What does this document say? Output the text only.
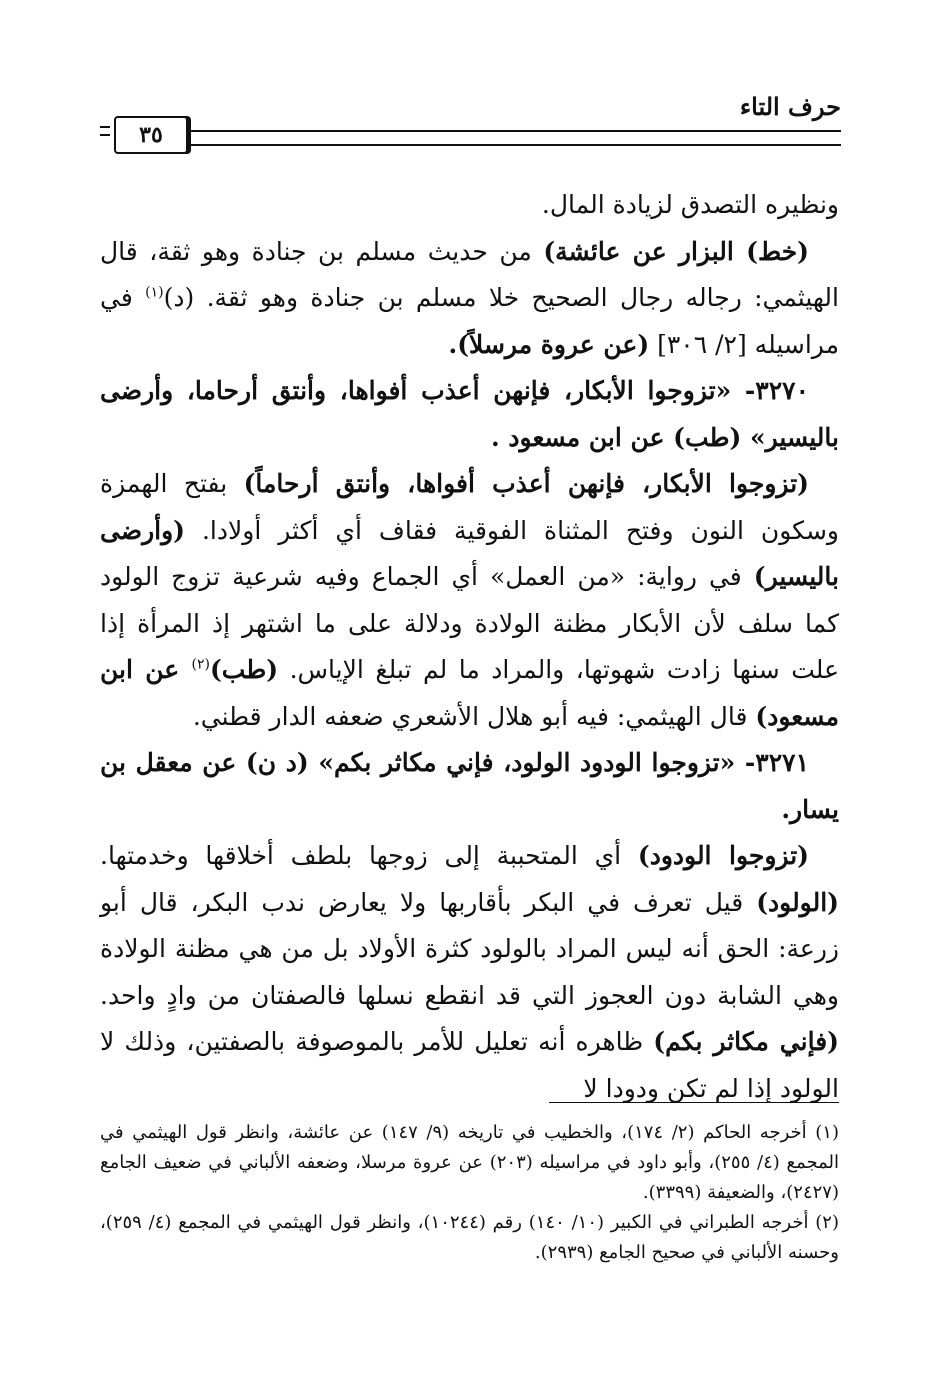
حرف التاء
٣٥

ونظيره التصدق لزيادة المال.

(خط) البزار عن عائشة) من حديث مسلم بن جنادة وهو ثقة، قال الهيثمي: رجاله رجال الصحيح خلا مسلم بن جنادة وهو ثقة. (د)$^{(١)}$ في مراسيله [٢/ ٣٠٦] (عن عروة مرسلاً).

٣٢٧٠- «تزوجوا الأبكار، فإنهن أعذب أفواها، وأنتق أرحاما، وأرضى باليسير» (طب) عن ابن مسعود .

(تزوجوا الأبكار، فإنهن أعذب أفواها، وأنتق أرحاماً) بفتح الهمزة وسكون النون وفتح المثناة الفوقية فقاف أي أكثر أولادا. (وأرضى باليسير) في رواية: «من العمل» أي الجماع وفيه شرعية تزوج الولود كما سلف لأن الأبكار مظنة الولادة ودلالة على ما اشتهر إذ المرأة إذا علت سنها زادت شهوتها، والمراد ما لم تبلغ الإياس. (طب)$^{(٢)}$ عن ابن مسعود) قال الهيثمي: فيه أبو هلال الأشعري ضعفه الدار قطني.

٣٢٧١- «تزوجوا الودود الولود، فإني مكاثر بكم» (د ن) عن معقل بن يسار.

(تزوجوا الودود) أي المتحببة إلى زوجها بلطف أخلاقها وخدمتها. (الولود) قيل تعرف في البكر بأقاربها ولا يعارض ندب البكر، قال أبو زرعة: الحق أنه ليس المراد بالولود كثرة الأولاد بل من هي مظنة الولادة وهي الشابة دون العجوز التي قد انقطع نسلها فالصفتان من وادٍ واحد. (فإني مكاثر بكم) ظاهره أنه تعليل للأمر بالموصوفة بالصفتين، وذلك لا الولود إذا لم تكن ودودا لا

(١) أخرجه الحاكم (٢/ ١٧٤)، والخطيب في تاريخه (٩/ ١٤٧) عن عائشة، وانظر قول الهيثمي في المجمع (٤/ ٢٥٥)، وأبو داود في مراسيله (٢٠٣) عن عروة مرسلا، وضعفه الألباني في ضعيف الجامع (٢٤٢٧)، والضعيفة (٣٣٩٩).

(٢) أخرجه الطبراني في الكبير (١٠/ ١٤٠) رقم (١٠٢٤٤)، وانظر قول الهيثمي في المجمع (٤/ ٢٥٩)، وحسنه الألباني في صحيح الجامع (٢٩٣٩).
